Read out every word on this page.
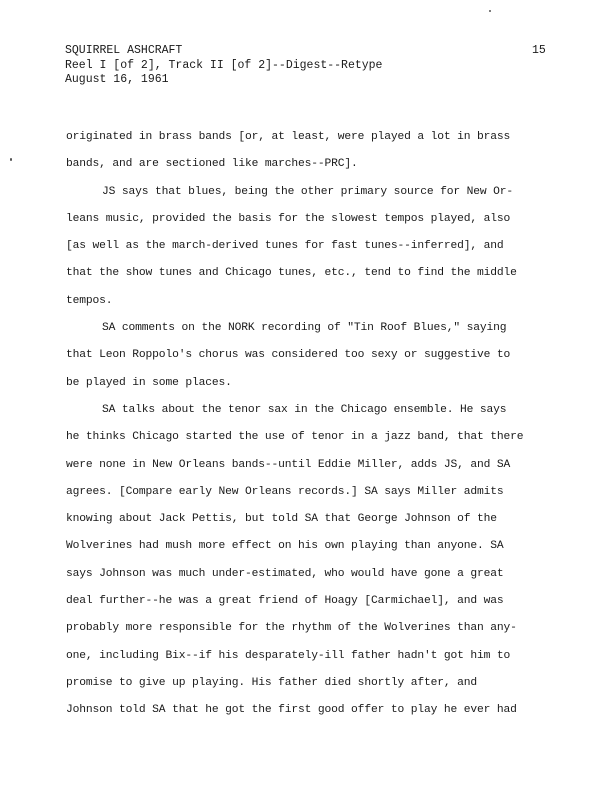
SQUIRREL ASHCRAFT
Reel I [of 2], Track II [of 2]--Digest--Retype
August 16, 1961
15
originated in brass bands [or, at least, were played a lot in brass
bands, and are sectioned like marches--PRC].
JS says that blues, being the other primary source for New Or-
leans music, provided the basis for the slowest tempos played, also
[as well as the march-derived tunes for fast tunes--inferred], and
that the show tunes and Chicago tunes, etc., tend to find the middle
tempos.
SA comments on the NORK recording of "Tin Roof Blues," saying
that Leon Roppolo's chorus was considered too sexy or suggestive to
be played in some places.
SA talks about the tenor sax in the Chicago ensemble. He says
he thinks Chicago started the use of tenor in a jazz band, that there
were none in New Orleans bands--until Eddie Miller, adds JS, and SA
agrees. [Compare early New Orleans records.] SA says Miller admits
knowing about Jack Pettis, but told SA that George Johnson of the
Wolverines had mush more effect on his own playing than anyone. SA
says Johnson was much under-estimated, who would have gone a great
deal further--he was a great friend of Hoagy [Carmichael], and was
probably more responsible for the rhythm of the Wolverines than any-
one, including Bix--if his desparately-ill father hadn't got him to
promise to give up playing. His father died shortly after, and
Johnson told SA that he got the first good offer to play he ever had
